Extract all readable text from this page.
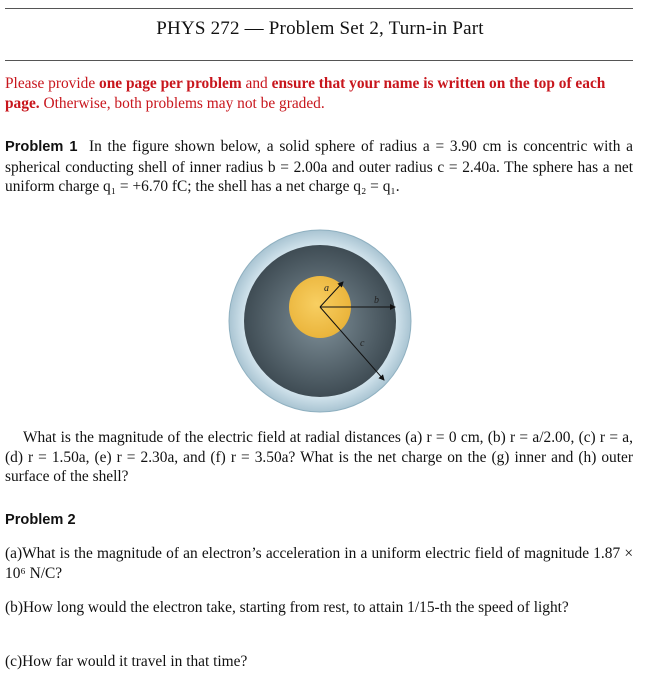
PHYS 272 — Problem Set 2, Turn-in Part
Please provide one page per problem and ensure that your name is written on the top of each page. Otherwise, both problems may not be graded.
Problem 1 In the figure shown below, a solid sphere of radius a = 3.90 cm is concentric with a spherical conducting shell of inner radius b = 2.00a and outer radius c = 2.40a. The sphere has a net uniform charge q₁ = +6.70 fC; the shell has a net charge q₂ = q₁.
a
b
c
What is the magnitude of the electric field at radial distances (a) r = 0 cm, (b) r = a/2.00, (c) r = a, (d) r = 1.50a, (e) r = 2.30a, and (f) r = 3.50a? What is the net charge on the (g) inner and (h) outer surface of the shell?
Problem 2
(a)What is the magnitude of an electron’s acceleration in a uniform electric field of magnitude 1.87 × 10⁶ N/C?
(b)How long would the electron take, starting from rest, to attain 1/15-th the speed of light?
(c)How far would it travel in that time?
